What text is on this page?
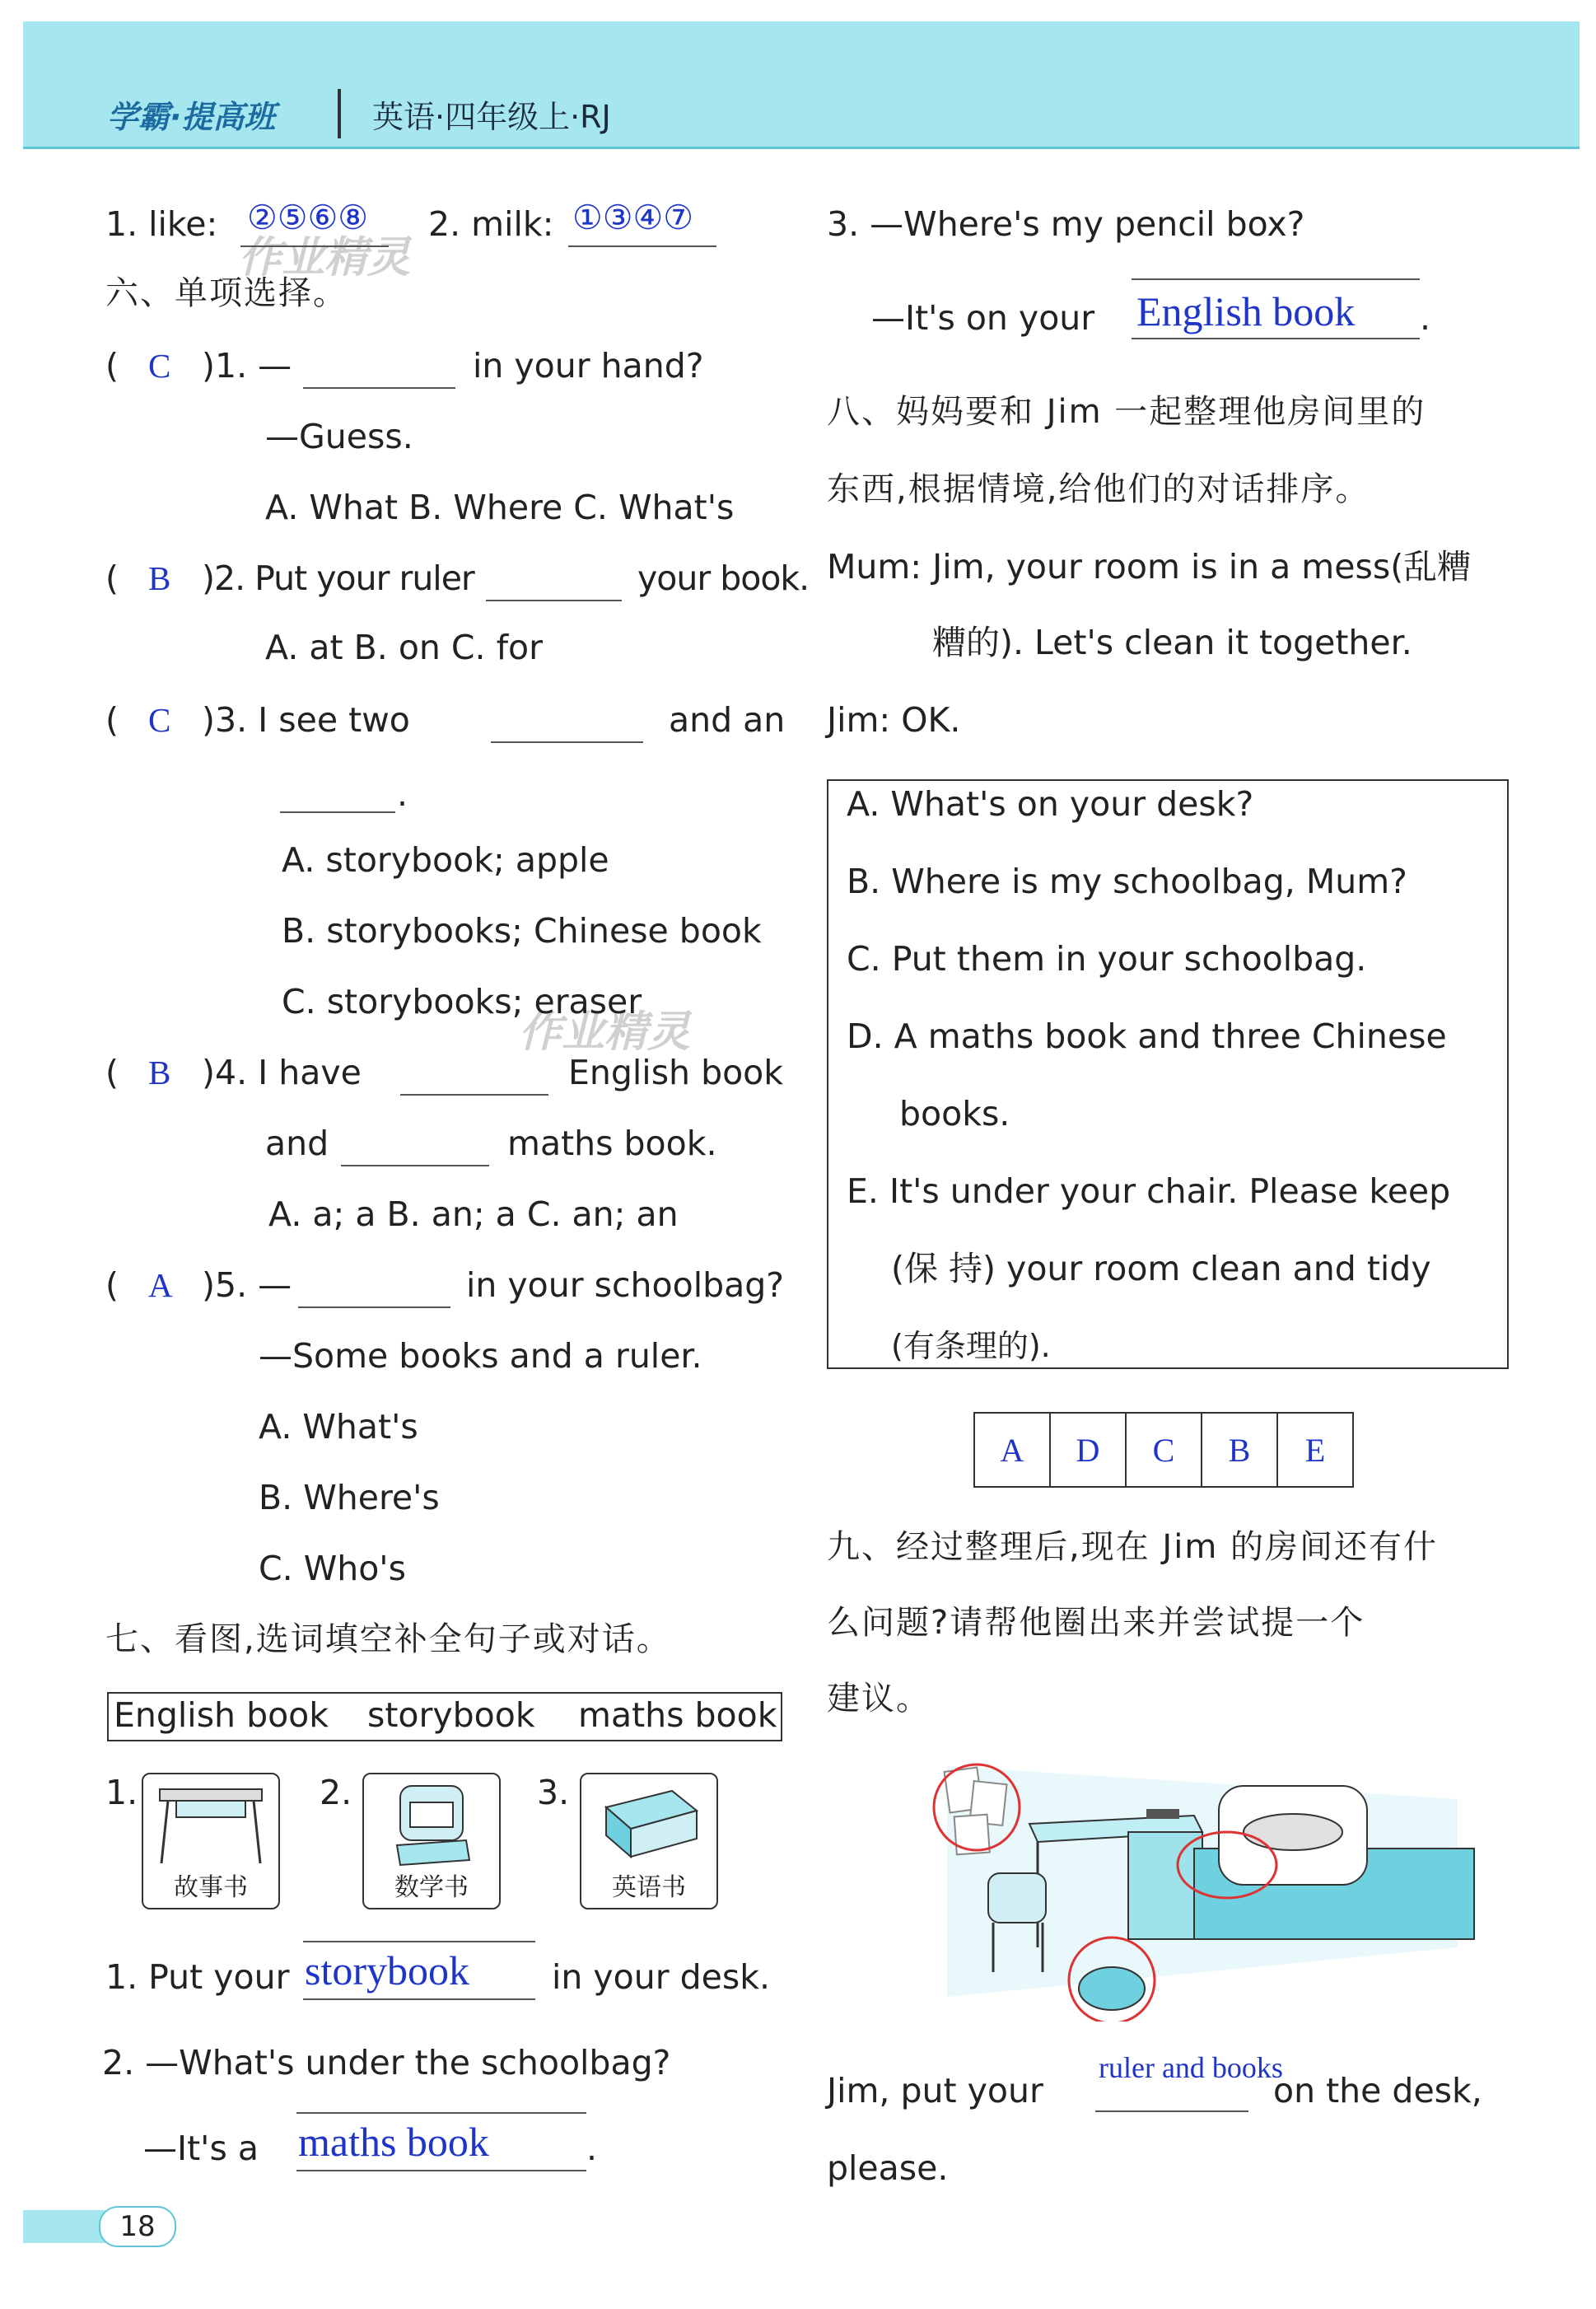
学霸·提高班	英语·四年级上·RJ
作业精灵
作业精灵
1. like: ②⑤⑥⑧ 2. milk: ①③④⑦
六、单项选择。
( C )1. —	in your hand?
—Guess.
A. What B. Where C. What's
( B )2. Put your ruler	your book.
A. at B. on C. for
( C )3. I see two	and an
.
A. storybook; apple
B. storybooks; Chinese book
C. storybooks; eraser
( B )4. I have	English book
and	maths book.
A. a; a B. an; a C. an; an
( A )5. —	in your schoolbag?
—Some books and a ruler.
A. What's
B. Where's
C. Who's
七、看图,选词填空补全句子或对话。
English book storybook maths book
1.
故事书
2.
数学书
3.
英语书
1. Put your storybook in your desk.
2. —What's under the schoolbag?
—It's a maths book	.
3. —Where's my pencil box?
—It's on your English book .
八、妈妈要和 Jim 一起整理他房间里的
东西,根据情境,给他们的对话排序。
Mum: Jim, your room is in a mess(乱糟
糟的). Let's clean it together.
Jim: OK.
A. What's on your desk?
B. Where is my schoolbag, Mum?
C. Put them in your schoolbag.
D. A maths book and three Chinese
books.
E. It's under your chair. Please keep
(保 持) your room clean and tidy
(有条理的).
A	D	C	B	E
九、经过整理后,现在 Jim 的房间还有什
么问题?请帮他圈出来并尝试提一个
建议。
ruler and books
Jim, put your	on the desk,
please.
18
